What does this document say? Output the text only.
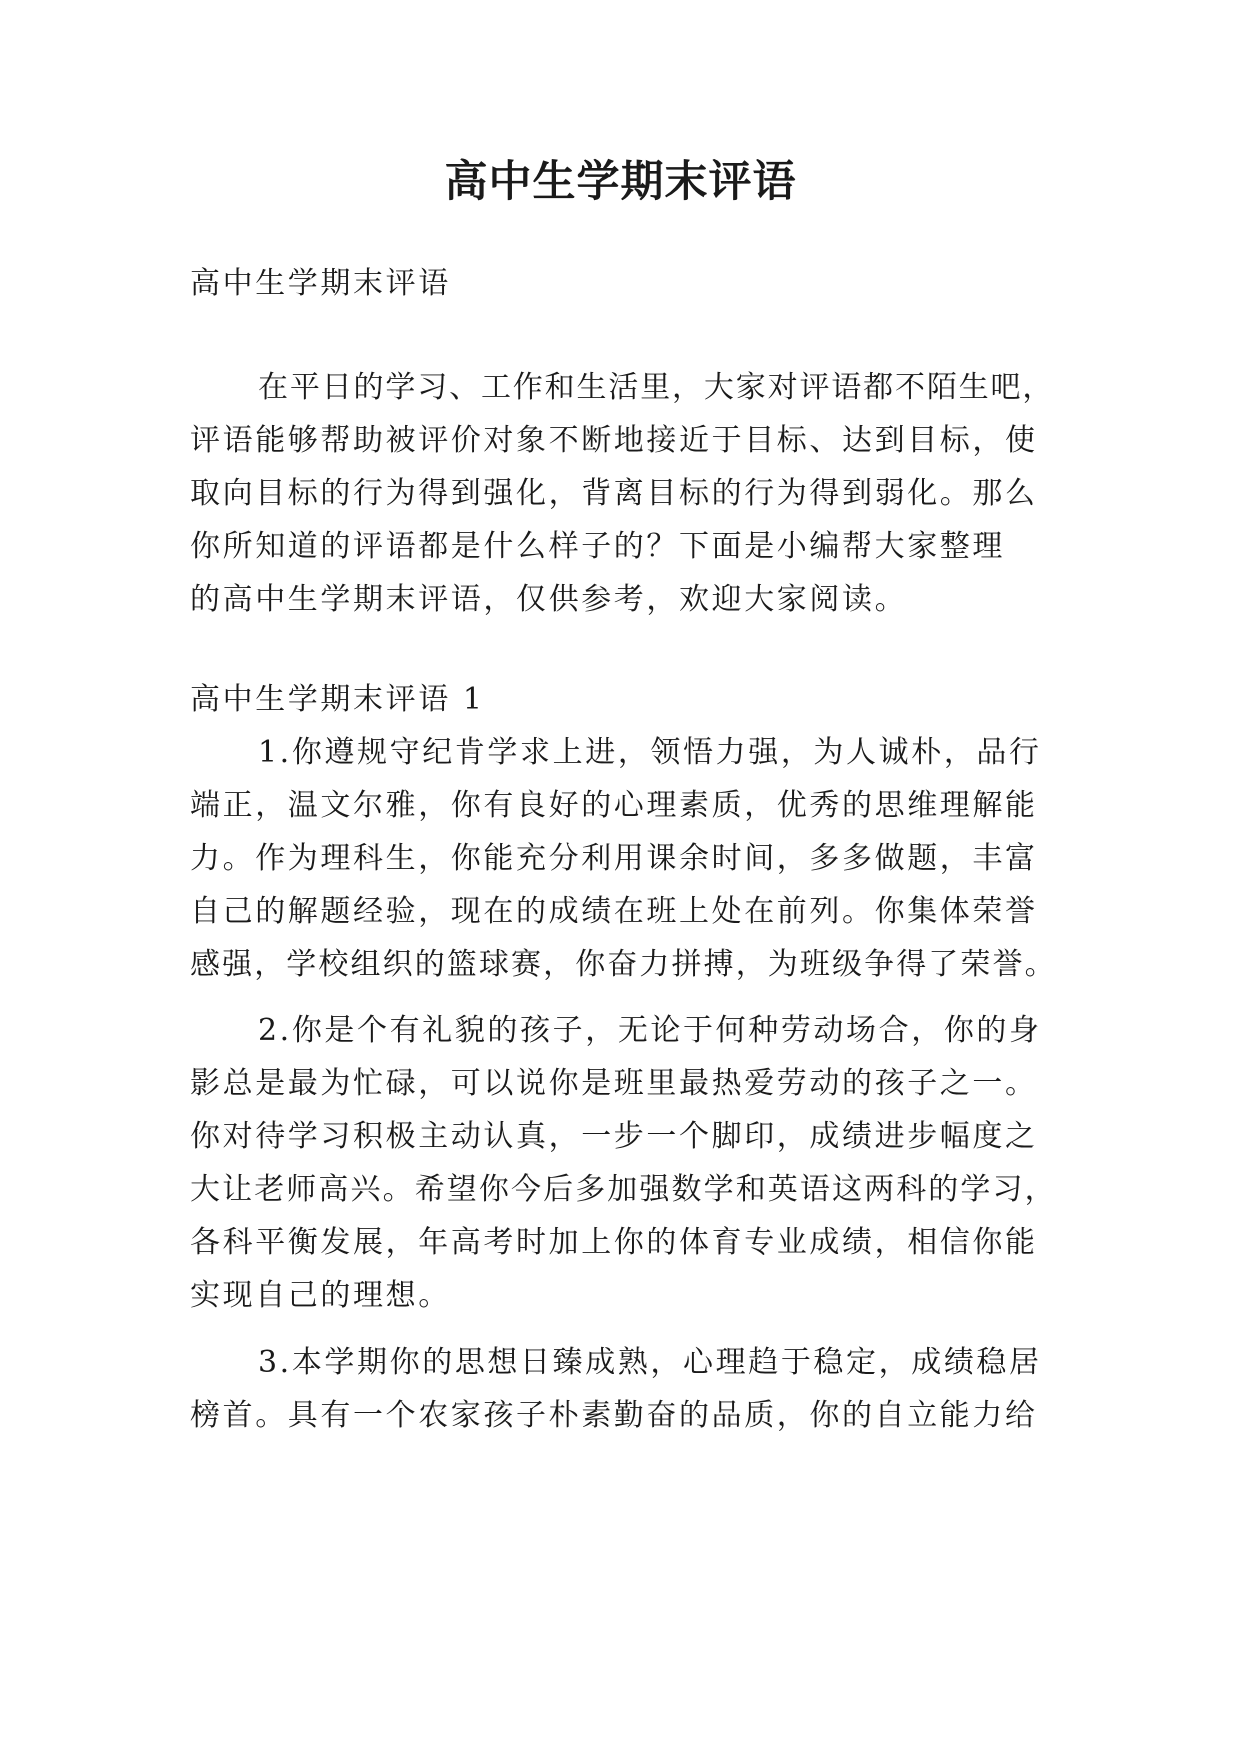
高中生学期末评语
高中生学期末评语
在平日的学习、工作和生活里，大家对评语都不陌生吧，
评语能够帮助被评价对象不断地接近于目标、达到目标，使
取向目标的行为得到强化，背离目标的行为得到弱化。那么
你所知道的评语都是什么样子的？下面是小编帮大家整理
的高中生学期末评语，仅供参考，欢迎大家阅读。
高中生学期末评语 1
1.你遵规守纪肯学求上进，领悟力强，为人诚朴，品行
端正，温文尔雅，你有良好的心理素质，优秀的思维理解能
力。作为理科生，你能充分利用课余时间，多多做题，丰富
自己的解题经验，现在的成绩在班上处在前列。你集体荣誉
感强，学校组织的篮球赛，你奋力拼搏，为班级争得了荣誉。
2.你是个有礼貌的孩子，无论于何种劳动场合，你的身
影总是最为忙碌，可以说你是班里最热爱劳动的孩子之一。
你对待学习积极主动认真，一步一个脚印，成绩进步幅度之
大让老师高兴。希望你今后多加强数学和英语这两科的学习，
各科平衡发展，年高考时加上你的体育专业成绩，相信你能
实现自己的理想。
3.本学期你的思想日臻成熟，心理趋于稳定，成绩稳居
榜首。具有一个农家孩子朴素勤奋的品质，你的自立能力给
